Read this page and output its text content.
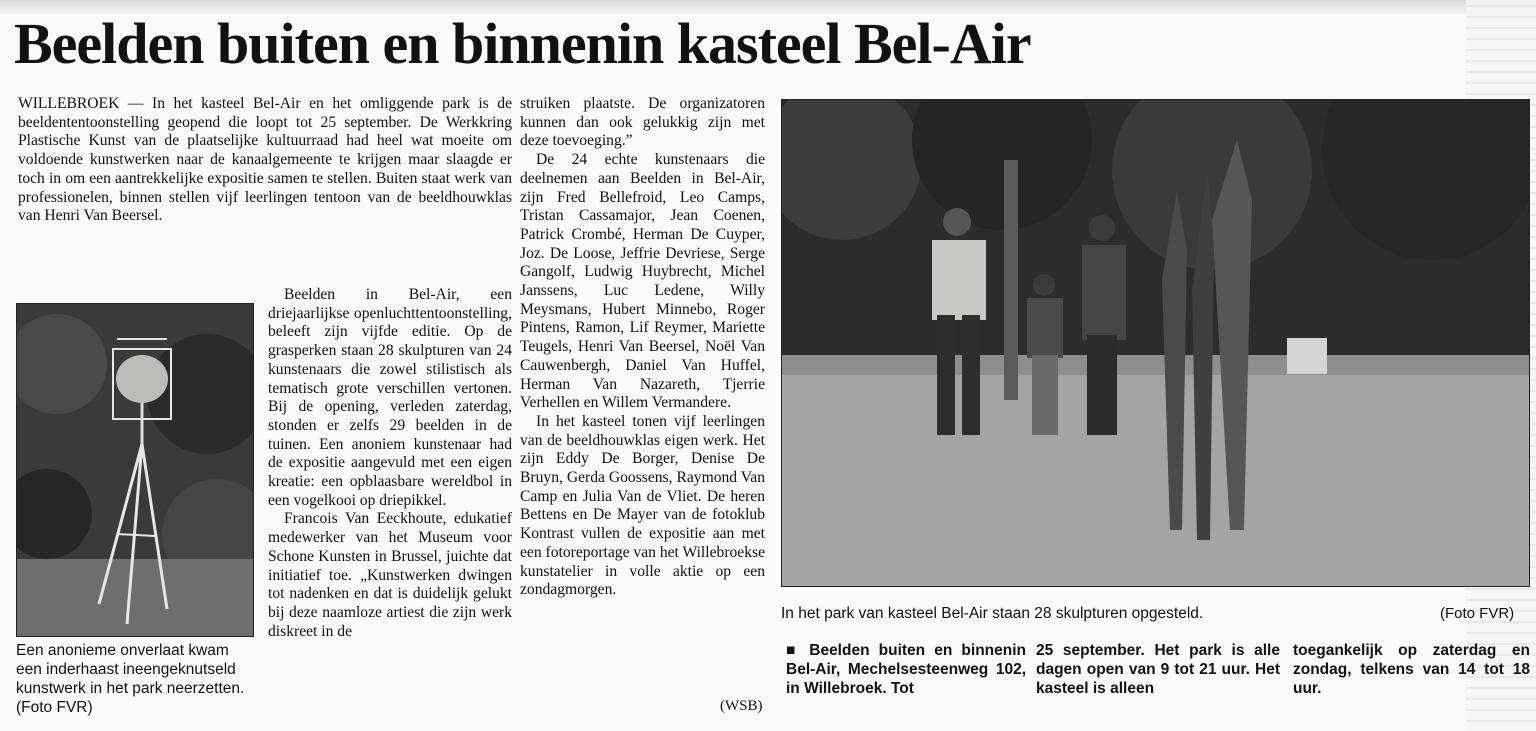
Beelden buiten en binnenin kasteel Bel-Air

WILLEBROEK — In het kasteel Bel-Air en het omliggende park is de beeldententoonstelling geopend die loopt tot 25 september. De Werkkring Plastische Kunst van de plaatselijke kultuurraad had heel wat moeite om voldoende kunstwerken naar de kanaalgemeente te krijgen maar slaagde er toch in om een aantrekkelijke expositie samen te stellen. Buiten staat werk van professionelen, binnen stellen vijf leerlingen tentoon van de beeldhouwklas van Henri Van Beersel.

Een anonieme onverlaat kwam een inderhaast ineengeknutseld kunstwerk in het park neerzetten. (Foto FVR)

Beelden in Bel-Air, een driejaarlijkse openluchttentoonstelling, beleeft zijn vijfde editie. Op de grasperken staan 28 skulpturen van 24 kunstenaars die zowel stilistisch als tematisch grote verschillen vertonen. Bij de opening, verleden zaterdag, stonden er zelfs 29 beelden in de tuinen. Een anoniem kunstenaar had de expositie aangevuld met een eigen kreatie: een opblaasbare wereldbol in een vogelkooi op driepikkel.

Francois Van Eeckhoute, edukatief medewerker van het Museum voor Schone Kunsten in Brussel, juichte dat initiatief toe. „Kunstwerken dwingen tot nadenken en dat is duidelijk gelukt bij deze naamloze artiest die zijn werk diskreet in de

struiken plaatste. De organizatoren kunnen dan ook gelukkig zijn met deze toevoeging.”

De 24 echte kunstenaars die deelnemen aan Beelden in Bel-Air, zijn Fred Bellefroid, Leo Camps, Tristan Cassamajor, Jean Coenen, Patrick Crombé, Herman De Cuyper, Joz. De Loose, Jeffrie Devriese, Serge Gangolf, Ludwig Huybrecht, Michel Janssens, Luc Ledene, Willy Meysmans, Hubert Minnebo, Roger Pintens, Ramon, Lif Reymer, Mariette Teugels, Henri Van Beersel, Noël Van Cauwenbergh, Daniel Van Huffel, Herman Van Nazareth, Tjerrie Verhellen en Willem Vermandere.

In het kasteel tonen vijf leerlingen van de beeldhouwklas eigen werk. Het zijn Eddy De Borger, Denise De Bruyn, Gerda Goossens, Raymond Van Camp en Julia Van de Vliet. De heren Bettens en De Mayer van de fotoklub Kontrast vullen de expositie aan met een fotoreportage van het Willebroekse kunstatelier in volle aktie op een zondagmorgen.

(WSB)
In het park van kasteel Bel-Air staan 28 skulpturen opgesteld.	(Foto FVR)

■ Beelden buiten en binnenin Bel-Air, Mechelsesteenweg 102, in Willebroek. Tot

25 september. Het park is alle dagen open van 9 tot 21 uur. Het kasteel is alleen

toegankelijk op zaterdag en zondag, telkens van 14 tot 18 uur.
